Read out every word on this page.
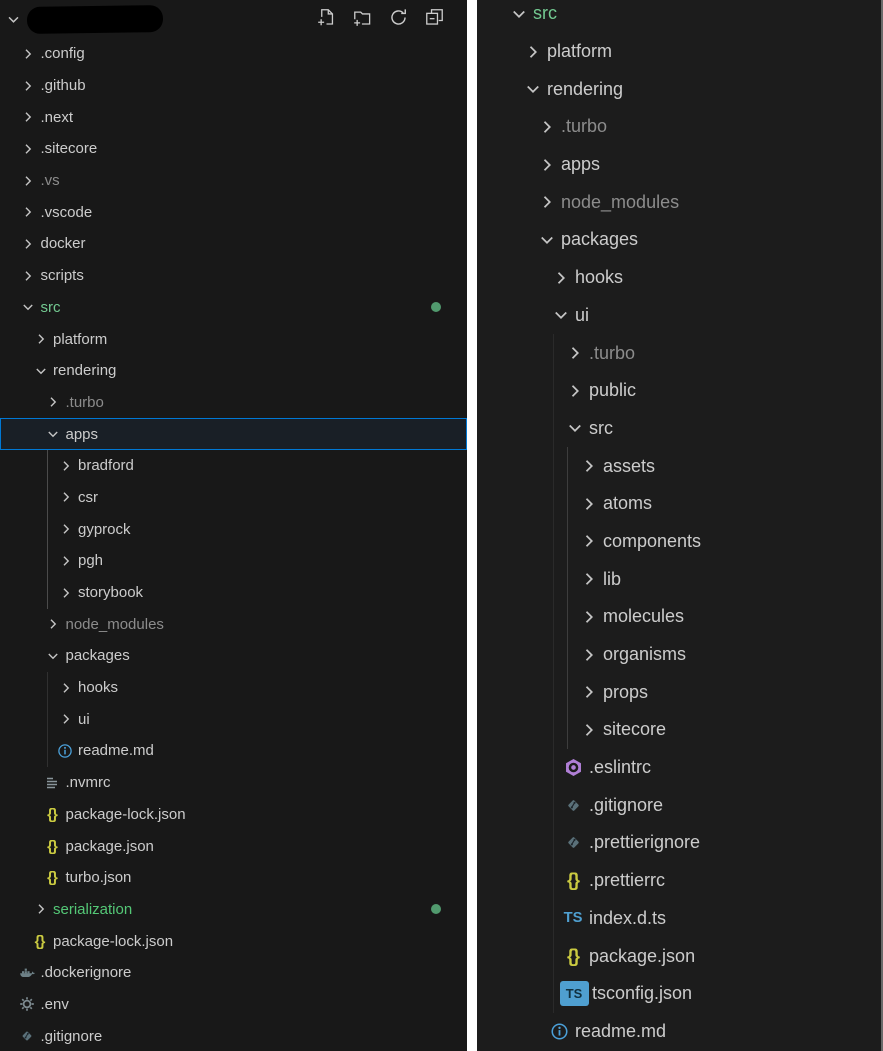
.config
.github
.next
.sitecore
.vs
.vscode
docker
scripts
src
platform
rendering
.turbo
apps
bradford
csr
gyprock
pgh
storybook
node_modules
packages
hooks
ui
readme.md
.nvmrc
{} package-lock.json
{} package.json
{} turbo.json
serialization
{} package-lock.json
.dockerignore
.env
.gitignore
src
platform
rendering
.turbo
apps
node_modules
packages
hooks
ui
.turbo
public
src
assets
atoms
components
lib
molecules
organisms
props
sitecore
.eslintrc
.gitignore
.prettierignore
{} .prettierrc
TS index.d.ts
{} package.json
TS tsconfig.json
readme.md
